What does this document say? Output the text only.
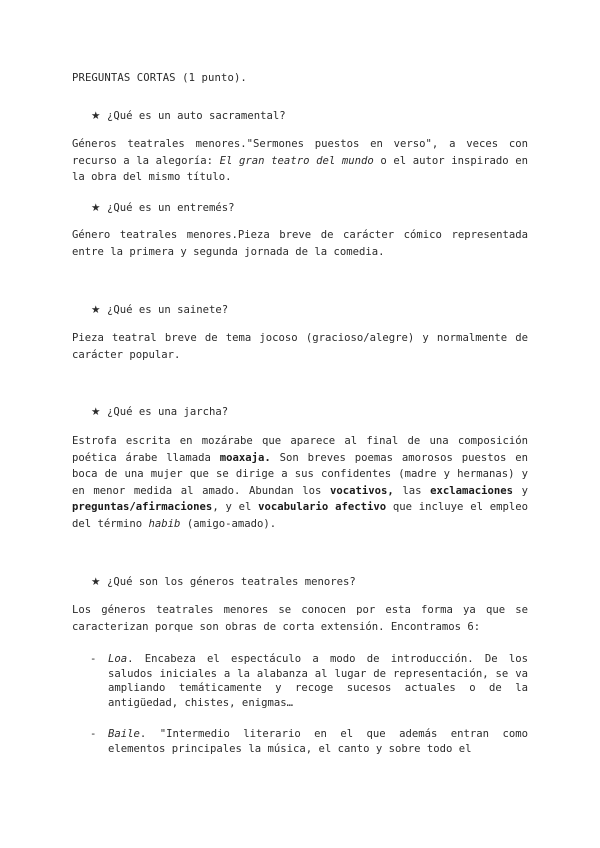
PREGUNTAS CORTAS (1 punto).
★ ¿Qué es un auto sacramental?
Géneros teatrales menores."Sermones puestos en verso", a veces con recurso a la alegoría: El gran teatro del mundo o el autor inspirado en la obra del mismo título.
★ ¿Qué es un entremés?
Género teatrales menores.Pieza breve de carácter cómico representada entre la primera y segunda jornada de la comedia.
★ ¿Qué es un sainete?
Pieza teatral breve de tema jocoso (gracioso/alegre) y normalmente de carácter popular.
★ ¿Qué es una jarcha?
Estrofa escrita en mozárabe que aparece al final de una composición poética árabe llamada moaxaja. Son breves poemas amorosos puestos en boca de una mujer que se dirige a sus confidentes (madre y hermanas) y en menor medida al amado. Abundan los vocativos, las exclamaciones y preguntas/afirmaciones, y el vocabulario afectivo que incluye el empleo del término habib (amigo-amado).
★ ¿Qué son los géneros teatrales menores?
Los géneros teatrales menores se conocen por esta forma ya que se caracterizan porque son obras de corta extensión. Encontramos 6:
- Loa. Encabeza el espectáculo a modo de introducción. De los saludos iniciales a la alabanza al lugar de representación, se va ampliando temáticamente y recoge sucesos actuales o de la antigüedad, chistes, enigmas…
- Baile. "Intermedio literario en el que además entran como elementos principales la música, el canto y sobre todo el
